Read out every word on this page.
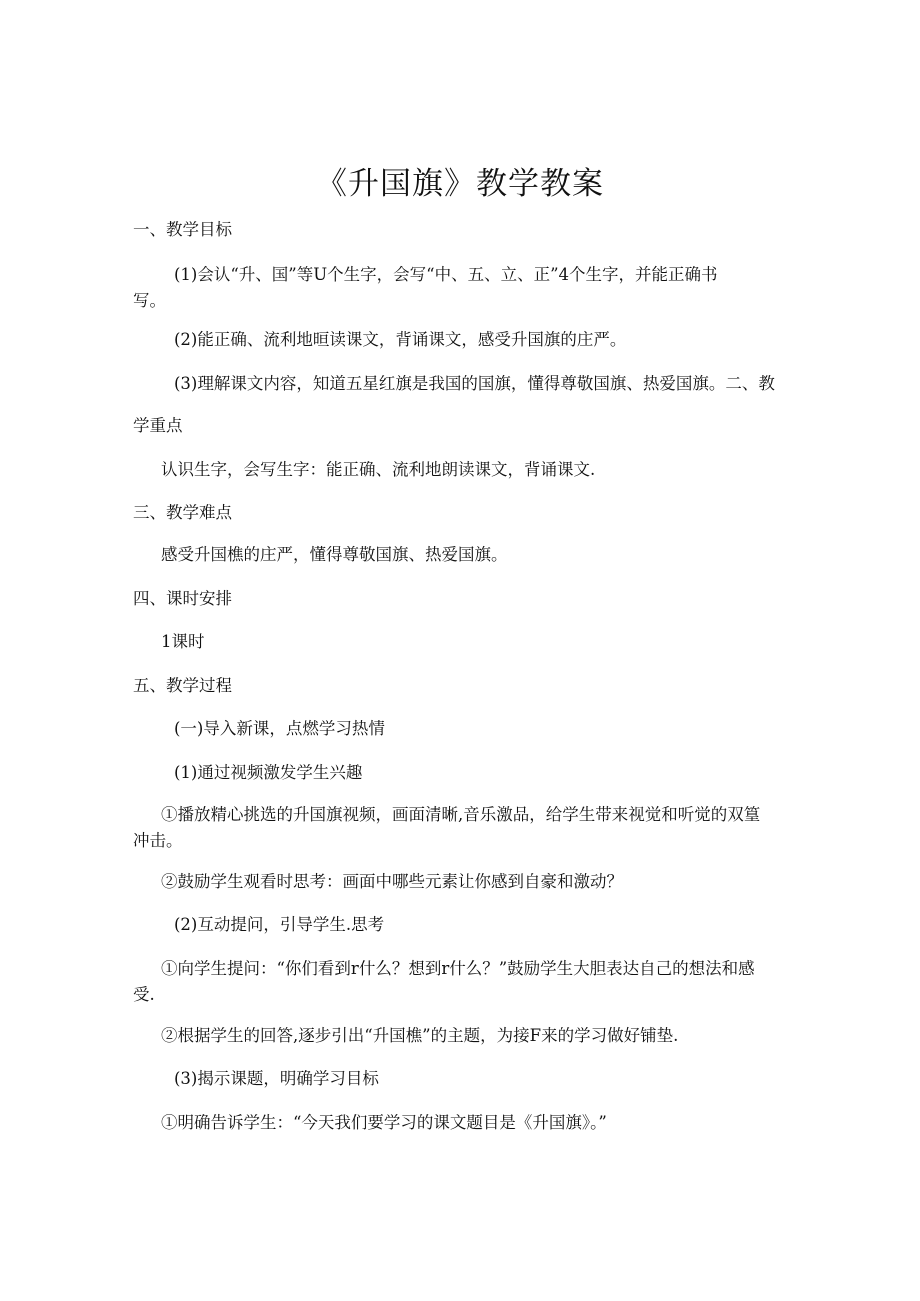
《升国旗》教学教案
一、教学目标
(1)会认“升、国”等U个生字，会写“中、五、立、正”4个生字，并能正确书
写。
(2)能正确、流利地晅读课文，背诵课文，感受升国旗的庄严。
(3)理解课文内容，知道五星红旗是我国的国旗，懂得尊敬国旗、热爱国旗。二、教
学重点
认识生字，会写生字：能正确、流利地朗读课文，背诵课文.
三、教学难点
感受升国樵的庄严，懂得尊敬国旗、热爱国旗。
四、课时安排
1课时
五、教学过程
(一)导入新课，点燃学习热情
(1)通过视频激发学生兴趣
①播放精心挑选的升国旗视频，画面清晰,音乐激品，给学生带来视觉和听觉的双篁
冲击。
②鼓励学生观看时思考：画面中哪些元素让你感到自豪和激动？
(2)互动提问，引导学生.思考
①向学生提问：“你们看到r什么？想到r什么？”鼓励学生大胆表达自己的想法和感
受.
②根据学生的回答,逐步引出“升国樵”的主题，为接F来的学习做好铺垫.
(3)揭示课题，明确学习目标
①明确告诉学生：“今天我们要学习的课文题目是《升国旗》。”
